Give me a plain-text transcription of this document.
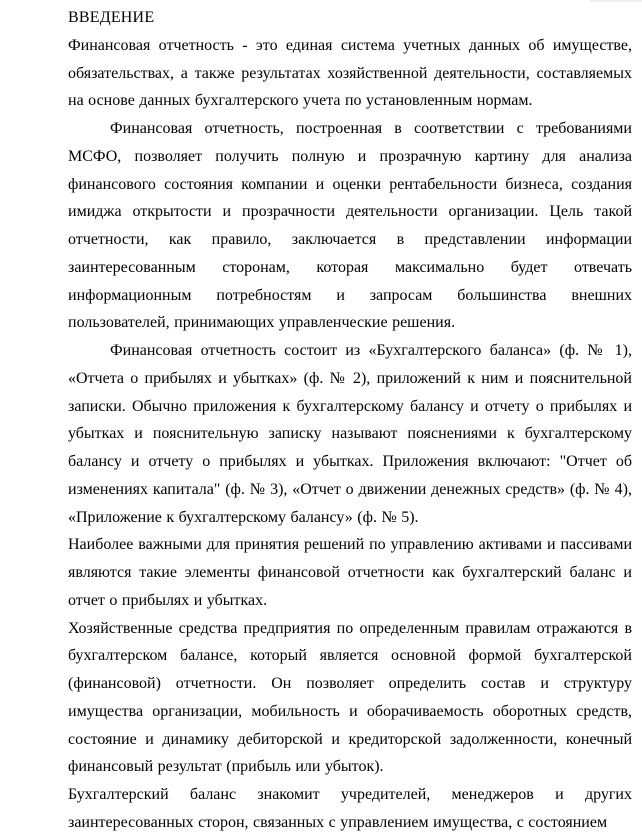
ВВЕДЕНИЕ

Финансовая отчетность - это единая система учетных данных об имуществе, обязательствах, а также результатах хозяйственной деятельности, составляемых на основе данных бухгалтерского учета по установленным нормам.

Финансовая отчетность, построенная в соответствии с требованиями МСФО, позволяет получить полную и прозрачную картину для анализа финансового состояния компании и оценки рентабельности бизнеса, создания имиджа открытости и прозрачности деятельности организации. Цель такой отчетности, как правило, заключается в представлении информации заинтересованным сторонам, которая максимально будет отвечать информационным потребностям и запросам большинства внешних пользователей, принимающих управленческие решения.

Финансовая отчетность состоит из «Бухгалтерского баланса» (ф. № 1), «Отчета о прибылях и убытках» (ф. № 2), приложений к ним и пояснительной записки. Обычно приложения к бухгалтерскому балансу и отчету о прибылях и убытках и пояснительную записку называют пояснениями к бухгалтерскому балансу и отчету о прибылях и убытках. Приложения включают: "Отчет об изменениях капитала" (ф. № 3), «Отчет о движении денежных средств» (ф. № 4), «Приложение к бухгалтерскому балансу» (ф. № 5).

Наиболее важными для принятия решений по управлению активами и пассивами являются такие элементы финансовой отчетности как бухгалтерский баланс и отчет о прибылях и убытках.

Хозяйственные средства предприятия по определенным правилам отражаются в бухгалтерском балансе, который является основной формой бухгалтерской (финансовой) отчетности. Он позволяет определить состав и структуру имущества организации, мобильность и оборачиваемость оборотных средств, состояние и динамику дебиторской и кредиторской задолженности, конечный финансовый результат (прибыль или убыток).

Бухгалтерский баланс знакомит учредителей, менеджеров и других заинтересованных сторон, связанных с управлением имущества, с состоянием
